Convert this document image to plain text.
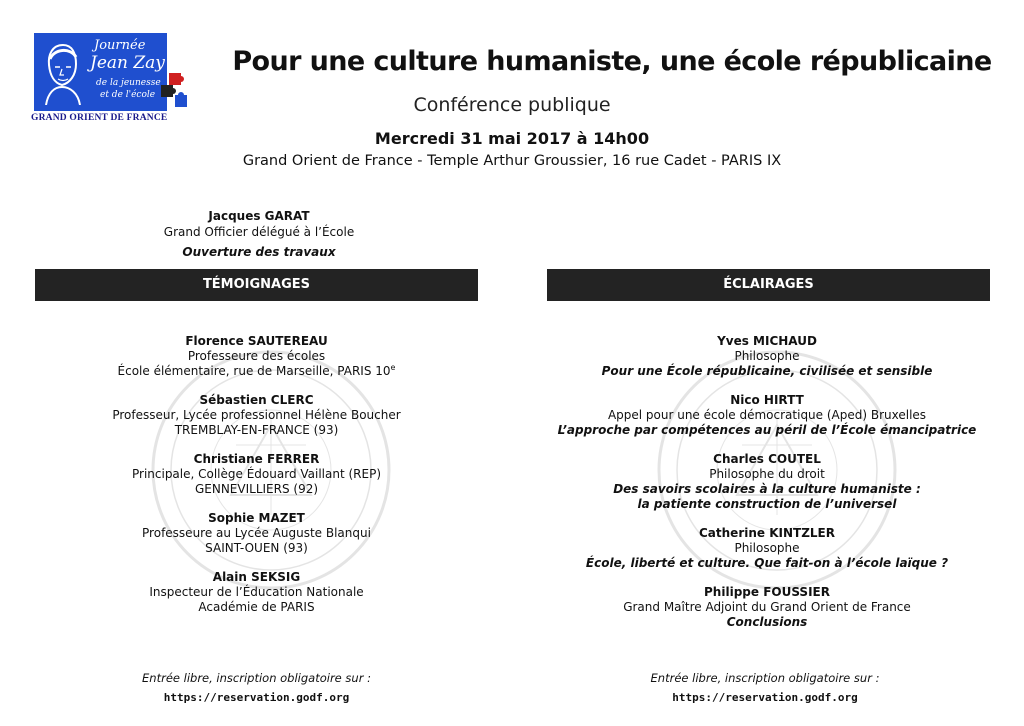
Journée
Jean Zay
de la jeunesse
et de l'école
GRAND ORIENT DE FRANCE
Pour une culture humaniste, une école républicaine
Conférence publique
Mercredi 31 mai 2017 à 14h00
Grand Orient de France - Temple Arthur Groussier, 16 rue Cadet - PARIS IX
Jacques GARAT
Grand Officier délégué à l’École
Ouverture des travaux
TÉMOIGNAGES	ÉCLAIRAGES
Florence SAUTEREAU
Professeure des écoles
École élémentaire, rue de Marseille, PARIS 10e
Sébastien CLERC
Professeur, Lycée professionnel Hélène Boucher
TREMBLAY-EN-FRANCE (93)
Christiane FERRER
Principale, Collège Édouard Vaillant (REP)
GENNEVILLIERS (92)
Sophie MAZET
Professeure au Lycée Auguste Blanqui
SAINT-OUEN (93)
Alain SEKSIG
Inspecteur de l’Éducation Nationale
Académie de PARIS
Yves MICHAUD
Philosophe
Pour une École républicaine, civilisée et sensible
Nico HIRTT
Appel pour une école démocratique (Aped) Bruxelles
L’approche par compétences au péril de l’École émancipatrice
Charles COUTEL
Philosophe du droit
Des savoirs scolaires à la culture humaniste :
la patiente construction de l’universel
Catherine KINTZLER
Philosophe
École, liberté et culture. Que fait-on à l’école laïque ?
Philippe FOUSSIER
Grand Maître Adjoint du Grand Orient de France
Conclusions
Entrée libre, inscription obligatoire sur :
https://reservation.godf.org
Entrée libre, inscription obligatoire sur :
https://reservation.godf.org
